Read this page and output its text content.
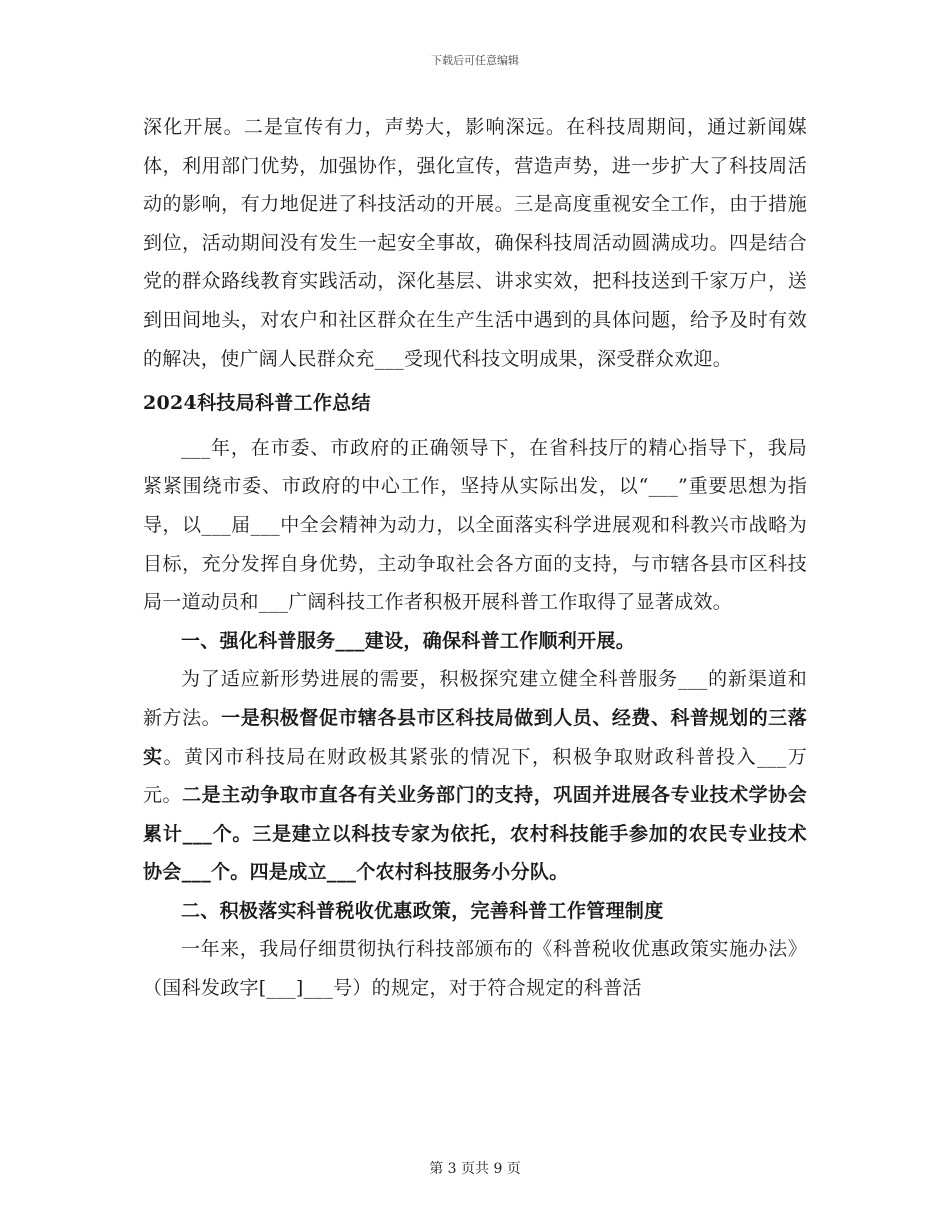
下载后可任意编辑

深化开展。二是宣传有力，声势大，影响深远。在科技周期间，通过新闻媒体，利用部门优势，加强协作，强化宣传，营造声势，进一步扩大了科技周活动的影响，有力地促进了科技活动的开展。三是高度重视安全工作，由于措施到位，活动期间没有发生一起安全事故，确保科技周活动圆满成功。四是结合党的群众路线教育实践活动，深化基层、讲求实效，把科技送到千家万户，送到田间地头，对农户和社区群众在生产生活中遇到的具体问题，给予及时有效的解决，使广阔人民群众充___受现代科技文明成果，深受群众欢迎。

2024科技局科普工作总结

___年，在市委、市政府的正确领导下，在省科技厅的精心指导下，我局紧紧围绕市委、市政府的中心工作，坚持从实际出发，以“___”重要思想为指导，以___届___中全会精神为动力，以全面落实科学进展观和科教兴市战略为目标，充分发挥自身优势，主动争取社会各方面的支持，与市辖各县市区科技局一道动员和___广阔科技工作者积极开展科普工作取得了显著成效。

一、强化科普服务___建设，确保科普工作顺利开展。

为了适应新形势进展的需要，积极探究建立健全科普服务___的新渠道和新方法。一是积极督促市辖各县市区科技局做到人员、经费、科普规划的三落实。黄冈市科技局在财政极其紧张的情况下，积极争取财政科普投入___万元。二是主动争取市直各有关业务部门的支持，巩固并进展各专业技术学协会累计___个。三是建立以科技专家为依托，农村科技能手参加的农民专业技术协会___个。四是成立___个农村科技服务小分队。

二、积极落实科普税收优惠政策，完善科普工作管理制度

一年来，我局仔细贯彻执行科技部颁布的《科普税收优惠政策实施办法》（国科发政字[___]___号）的规定，对于符合规定的科普活

第 3 页共 9 页
